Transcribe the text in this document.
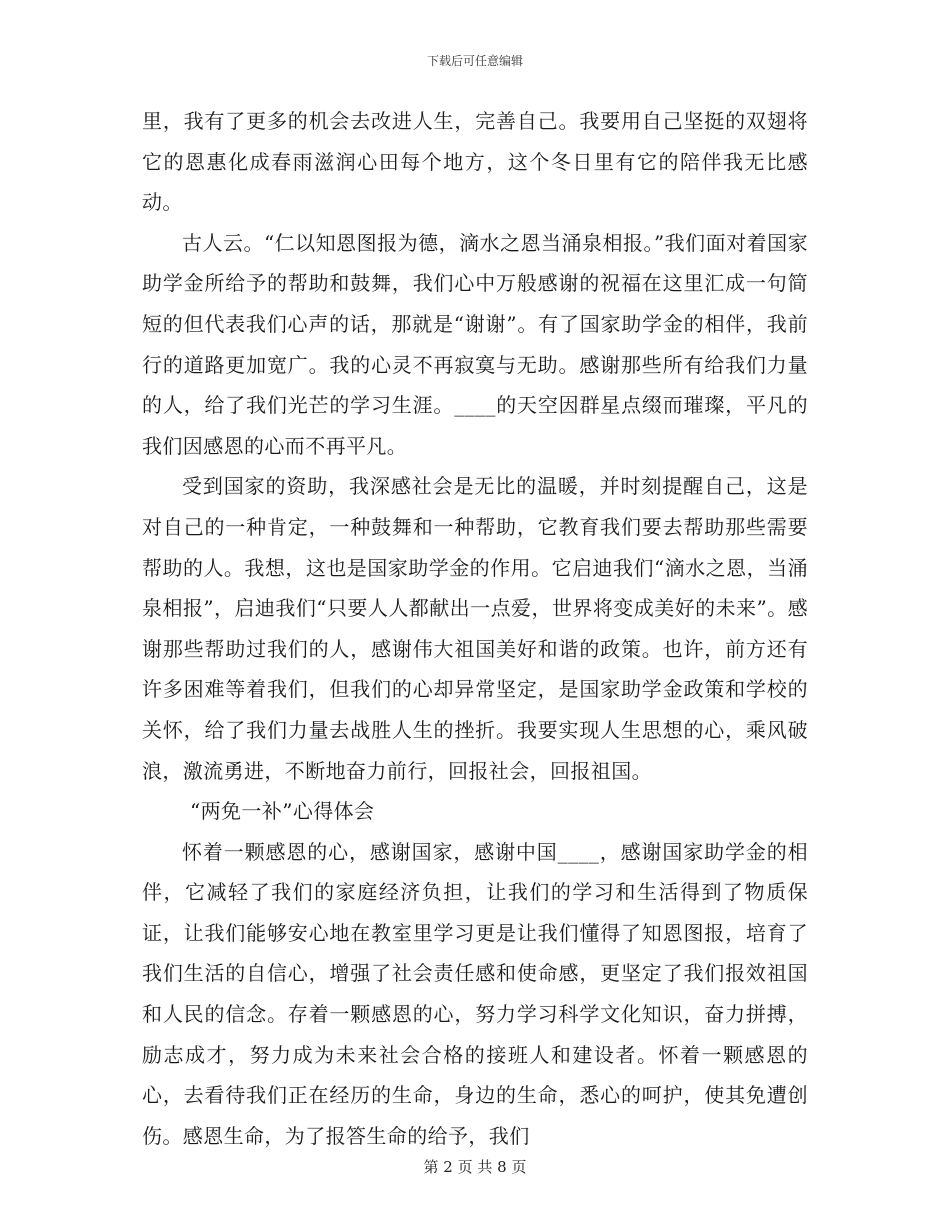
下载后可任意编辑

里，我有了更多的机会去改进人生，完善自己。我要用自己坚挺的双翅将它的恩惠化成春雨滋润心田每个地方，这个冬日里有它的陪伴我无比感动。

古人云。“仁以知恩图报为德，滴水之恩当涌泉相报。”我们面对着国家助学金所给予的帮助和鼓舞，我们心中万般感谢的祝福在这里汇成一句简短的但代表我们心声的话，那就是“谢谢”。有了国家助学金的相伴，我前行的道路更加宽广。我的心灵不再寂寞与无助。感谢那些所有给我们力量的人，给了我们光芒的学习生涯。____的天空因群星点缀而璀璨，平凡的我们因感恩的心而不再平凡。

受到国家的资助，我深感社会是无比的温暖，并时刻提醒自己，这是对自己的一种肯定，一种鼓舞和一种帮助，它教育我们要去帮助那些需要帮助的人。我想，这也是国家助学金的作用。它启迪我们“滴水之恩，当涌泉相报”，启迪我们“只要人人都献出一点爱，世界将变成美好的未来”。感谢那些帮助过我们的人，感谢伟大祖国美好和谐的政策。也许，前方还有许多困难等着我们，但我们的心却异常坚定，是国家助学金政策和学校的关怀，给了我们力量去战胜人生的挫折。我要实现人生思想的心，乘风破浪，激流勇进，不断地奋力前行，回报社会，回报祖国。

“两免一补”心得体会

怀着一颗感恩的心，感谢国家，感谢中国____，感谢国家助学金的相伴，它减轻了我们的家庭经济负担，让我们的学习和生活得到了物质保证，让我们能够安心地在教室里学习更是让我们懂得了知恩图报，培育了我们生活的自信心，增强了社会责任感和使命感，更坚定了我们报效祖国和人民的信念。存着一颗感恩的心，努力学习科学文化知识，奋力拼搏，励志成才，努力成为未来社会合格的接班人和建设者。怀着一颗感恩的心，去看待我们正在经历的生命，身边的生命，悉心的呵护，使其免遭创伤。感恩生命，为了报答生命的给予，我们

第 2 页 共 8 页
